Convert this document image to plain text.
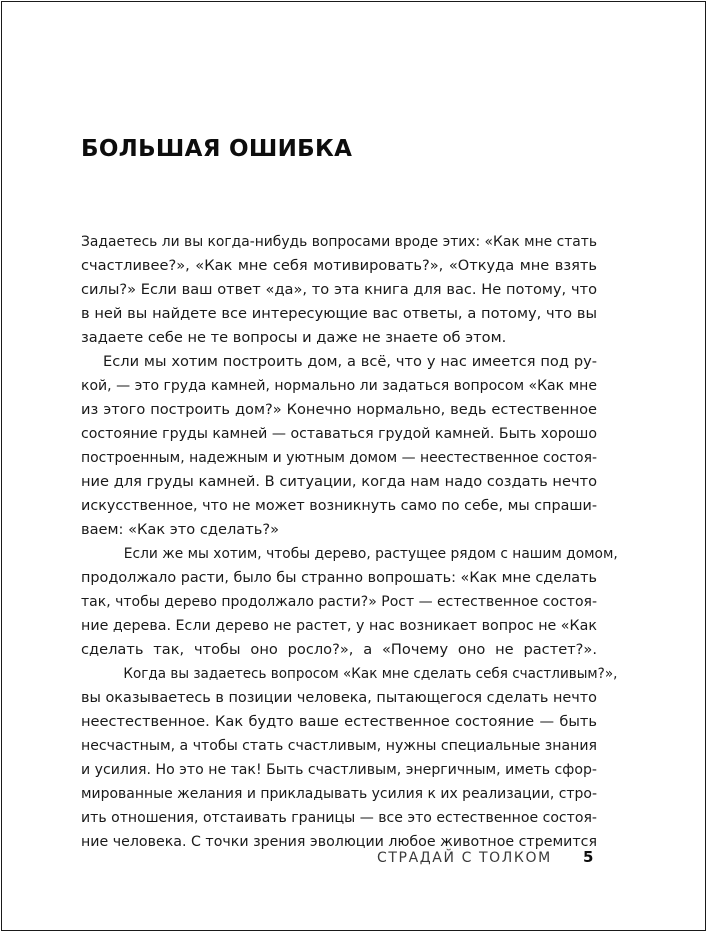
БОЛЬШАЯ ОШИБКА
Задаетесь ли вы когда-нибудь вопросами вроде этих: «Как мне стать
счастливее?», «Как мне себя мотивировать?», «Откуда мне взять
силы?» Если ваш ответ «да», то эта книга для вас. Не потому, что
в ней вы найдете все интересующие вас ответы, а потому, что вы
задаете себе не те вопросы и даже не знаете об этом.
Если мы хотим построить дом, а всё, что у нас имеется под ру-
кой, — это груда камней, нормально ли задаться вопросом «Как мне
из этого построить дом?» Конечно нормально, ведь естественное
состояние груды камней — оставаться грудой камней. Быть хорошо
построенным, надежным и уютным домом — неестественное состоя-
ние для груды камней. В ситуации, когда нам надо создать нечто
искусственное, что не может возникнуть само по себе, мы спраши-
ваем: «Как это сделать?»
Если же мы хотим, чтобы дерево, растущее рядом с нашим домом,
продолжало расти, было бы странно вопрошать: «Как мне сделать
так, чтобы дерево продолжало расти?» Рост — естественное состоя-
ние дерева. Если дерево не растет, у нас возникает вопрос не «Как
сделать так, чтобы оно росло?», а «Почему оно не растет?».
Когда вы задаетесь вопросом «Как мне сделать себя счастливым?»,
вы оказываетесь в позиции человека, пытающегося сделать нечто
неестественное. Как будто ваше естественное состояние — быть
несчастным, а чтобы стать счастливым, нужны специальные знания
и усилия. Но это не так! Быть счастливым, энергичным, иметь сфор-
мированные желания и прикладывать усилия к их реализации, стро-
ить отношения, отстаивать границы — все это естественное состоя-
ние человека. С точки зрения эволюции любое животное стремится
СТРАДАЙ С ТОЛКОМ 5
